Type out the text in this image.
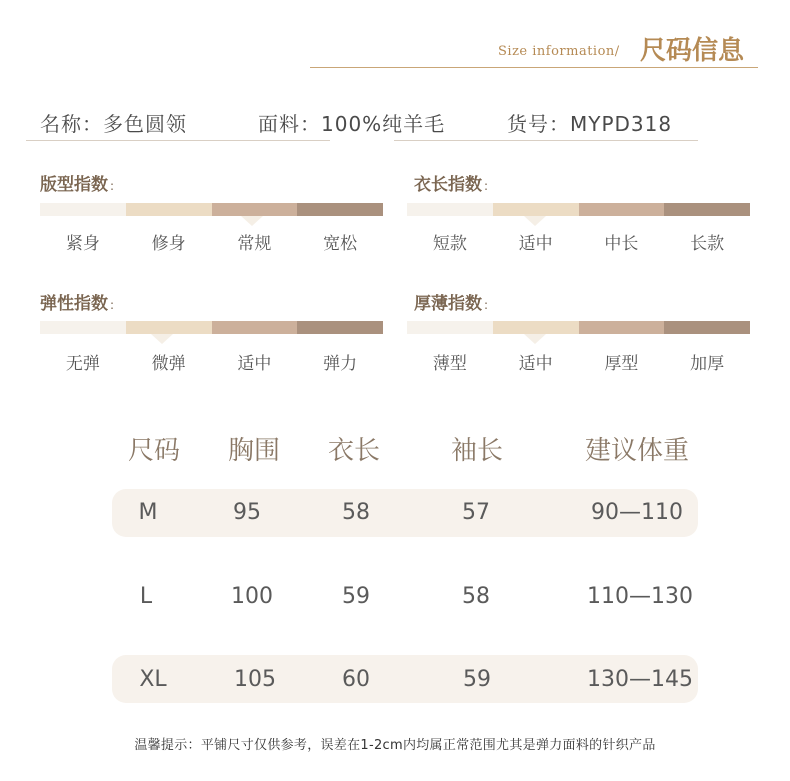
Size information/ 尺码信息
名称：多色圆领	面料：100%纯羊毛	货号：MYPD318
版型指数 :
紧身	修身	常规	宽松
衣长指数 :
短款	适中	中长	长款
弹性指数 :
无弹	微弹	适中	弹力
厚薄指数 :
薄型	适中	厚型	加厚
尺码 胸围 衣长	袖长	建议体重
M	95	58	57	90—110
L	100	59	58	110—130
XL	105	60	59	130—145
温馨提示：平铺尺寸仅供参考，误差在1-2cm内均属正常范围尤其是弹力面料的针织产品
